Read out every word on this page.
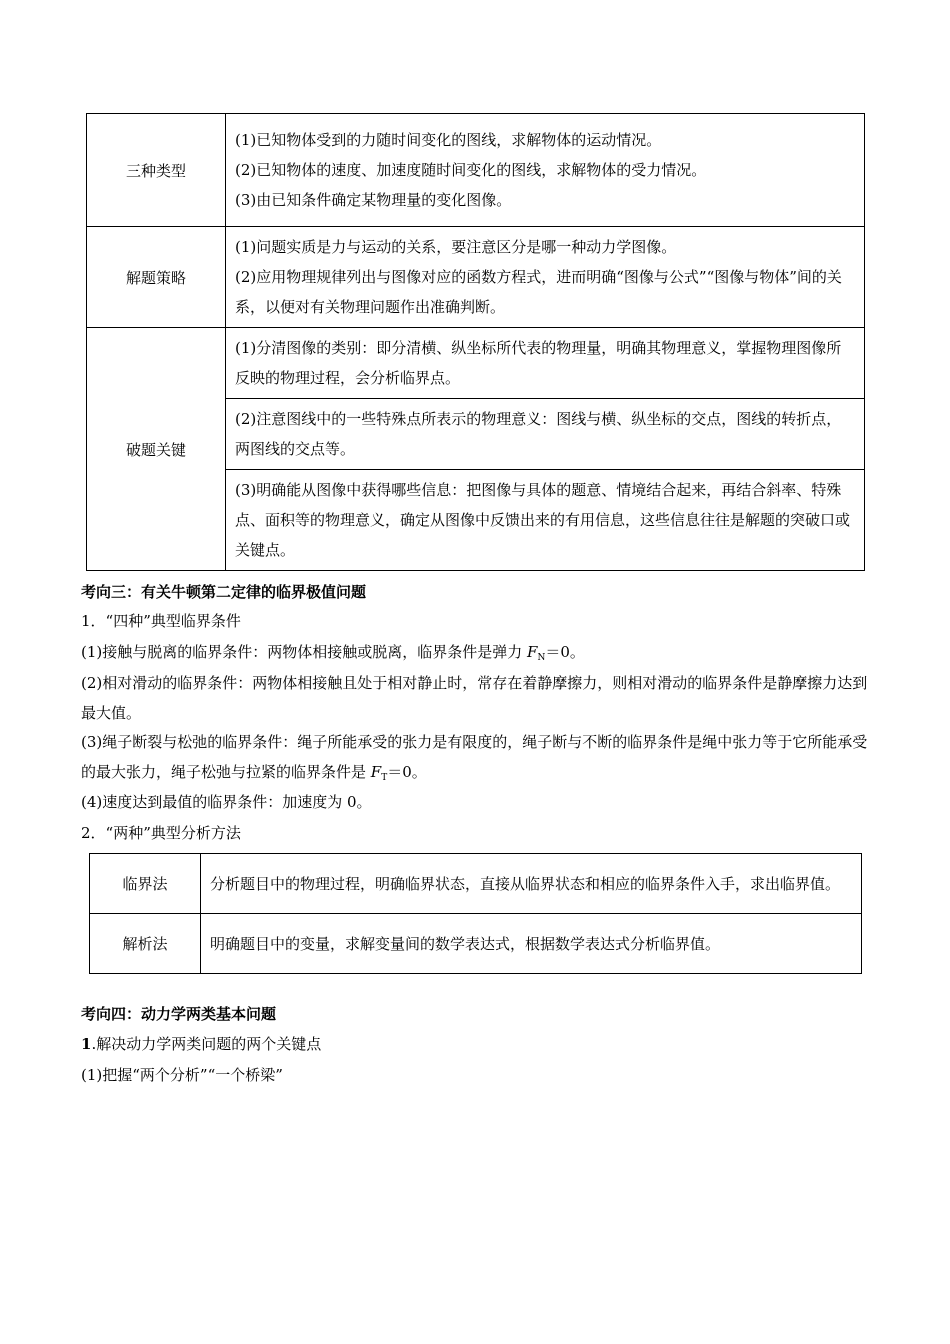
三种类型	(1)已知物体受到的力随时间变化的图线，求解物体的运动情况。

(2)已知物体的速度、加速度随时间变化的图线，求解物体的受力情况。

(3)由已知条件确定某物理量的变化图像。

解题策略	(1)问题实质是力与运动的关系，要注意区分是哪一种动力学图像。

(2)应用物理规律列出与图像对应的函数方程式，进而明确“图像与公式”“图像与物体”间的关系，以便对有关物理问题作出准确判断。

破题关键	(1)分清图像的类别：即分清横、纵坐标所代表的物理量，明确其物理意义，掌握物理图像所反映的物理过程，会分析临界点。

	(2)注意图线中的一些特殊点所表示的物理意义：图线与横、纵坐标的交点，图线的转折点，两图线的交点等。

	(3)明确能从图像中获得哪些信息：把图像与具体的题意、情境结合起来，再结合斜率、特殊点、面积等的物理意义，确定从图像中反馈出来的有用信息，这些信息往往是解题的突破口或关键点。

考向三：有关牛顿第二定律的临界极值问题

1．“四种”典型临界条件

(1)接触与脱离的临界条件：两物体相接触或脱离，临界条件是弹力 $F_N=0$。

(2)相对滑动的临界条件：两物体相接触且处于相对静止时，常存在着静摩擦力，则相对滑动的临界条件是静摩擦力达到最大值。

(3)绳子断裂与松弛的临界条件：绳子所能承受的张力是有限度的，绳子断与不断的临界条件是绳中张力等于它所能承受的最大张力，绳子松弛与拉紧的临界条件是 $F_T=0$。

(4)速度达到最值的临界条件：加速度为 0。

2．“两种”典型分析方法

临界法	分析题目中的物理过程，明确临界状态，直接从临界状态和相应的临界条件入手，求出临界值。
解析法	明确题目中的变量，求解变量间的数学表达式，根据数学表达式分析临界值。

考向四：动力学两类基本问题

1.解决动力学两类问题的两个关键点

(1)把握“两个分析”“一个桥梁”
